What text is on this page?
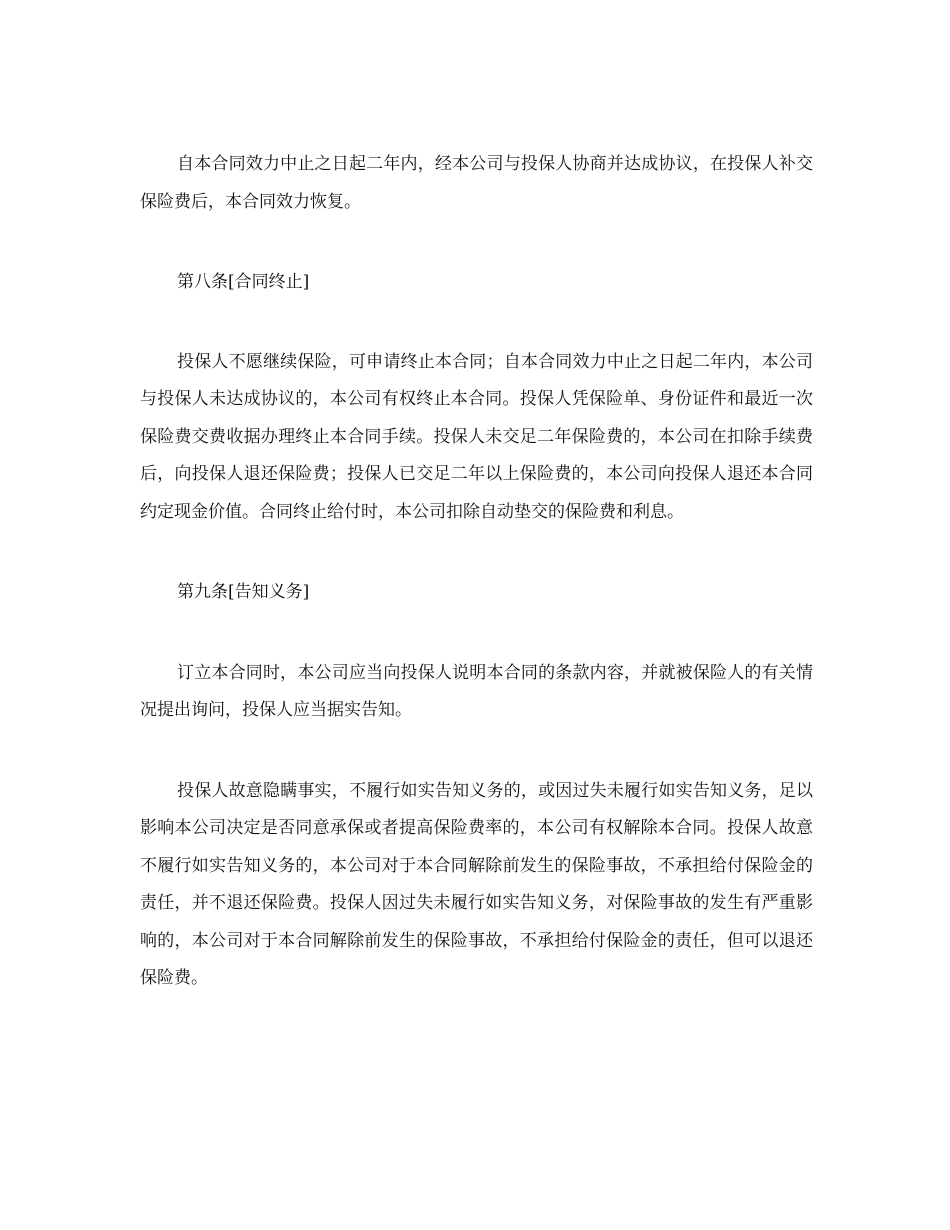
自本合同效力中止之日起二年内，经本公司与投保人协商并达成协议，在投保人补交保险费后，本合同效力恢复。

第八条[合同终止]

投保人不愿继续保险，可申请终止本合同；自本合同效力中止之日起二年内，本公司与投保人未达成协议的，本公司有权终止本合同。投保人凭保险单、身份证件和最近一次保险费交费收据办理终止本合同手续。投保人未交足二年保险费的，本公司在扣除手续费后，向投保人退还保险费；投保人已交足二年以上保险费的，本公司向投保人退还本合同约定现金价值。合同终止给付时，本公司扣除自动垫交的保险费和利息。

第九条[告知义务]

订立本合同时，本公司应当向投保人说明本合同的条款内容，并就被保险人的有关情况提出询问，投保人应当据实告知。

投保人故意隐瞒事实，不履行如实告知义务的，或因过失未履行如实告知义务，足以影响本公司决定是否同意承保或者提高保险费率的，本公司有权解除本合同。投保人故意不履行如实告知义务的，本公司对于本合同解除前发生的保险事故，不承担给付保险金的责任，并不退还保险费。投保人因过失未履行如实告知义务，对保险事故的发生有严重影响的，本公司对于本合同解除前发生的保险事故，不承担给付保险金的责任，但可以退还保险费。
